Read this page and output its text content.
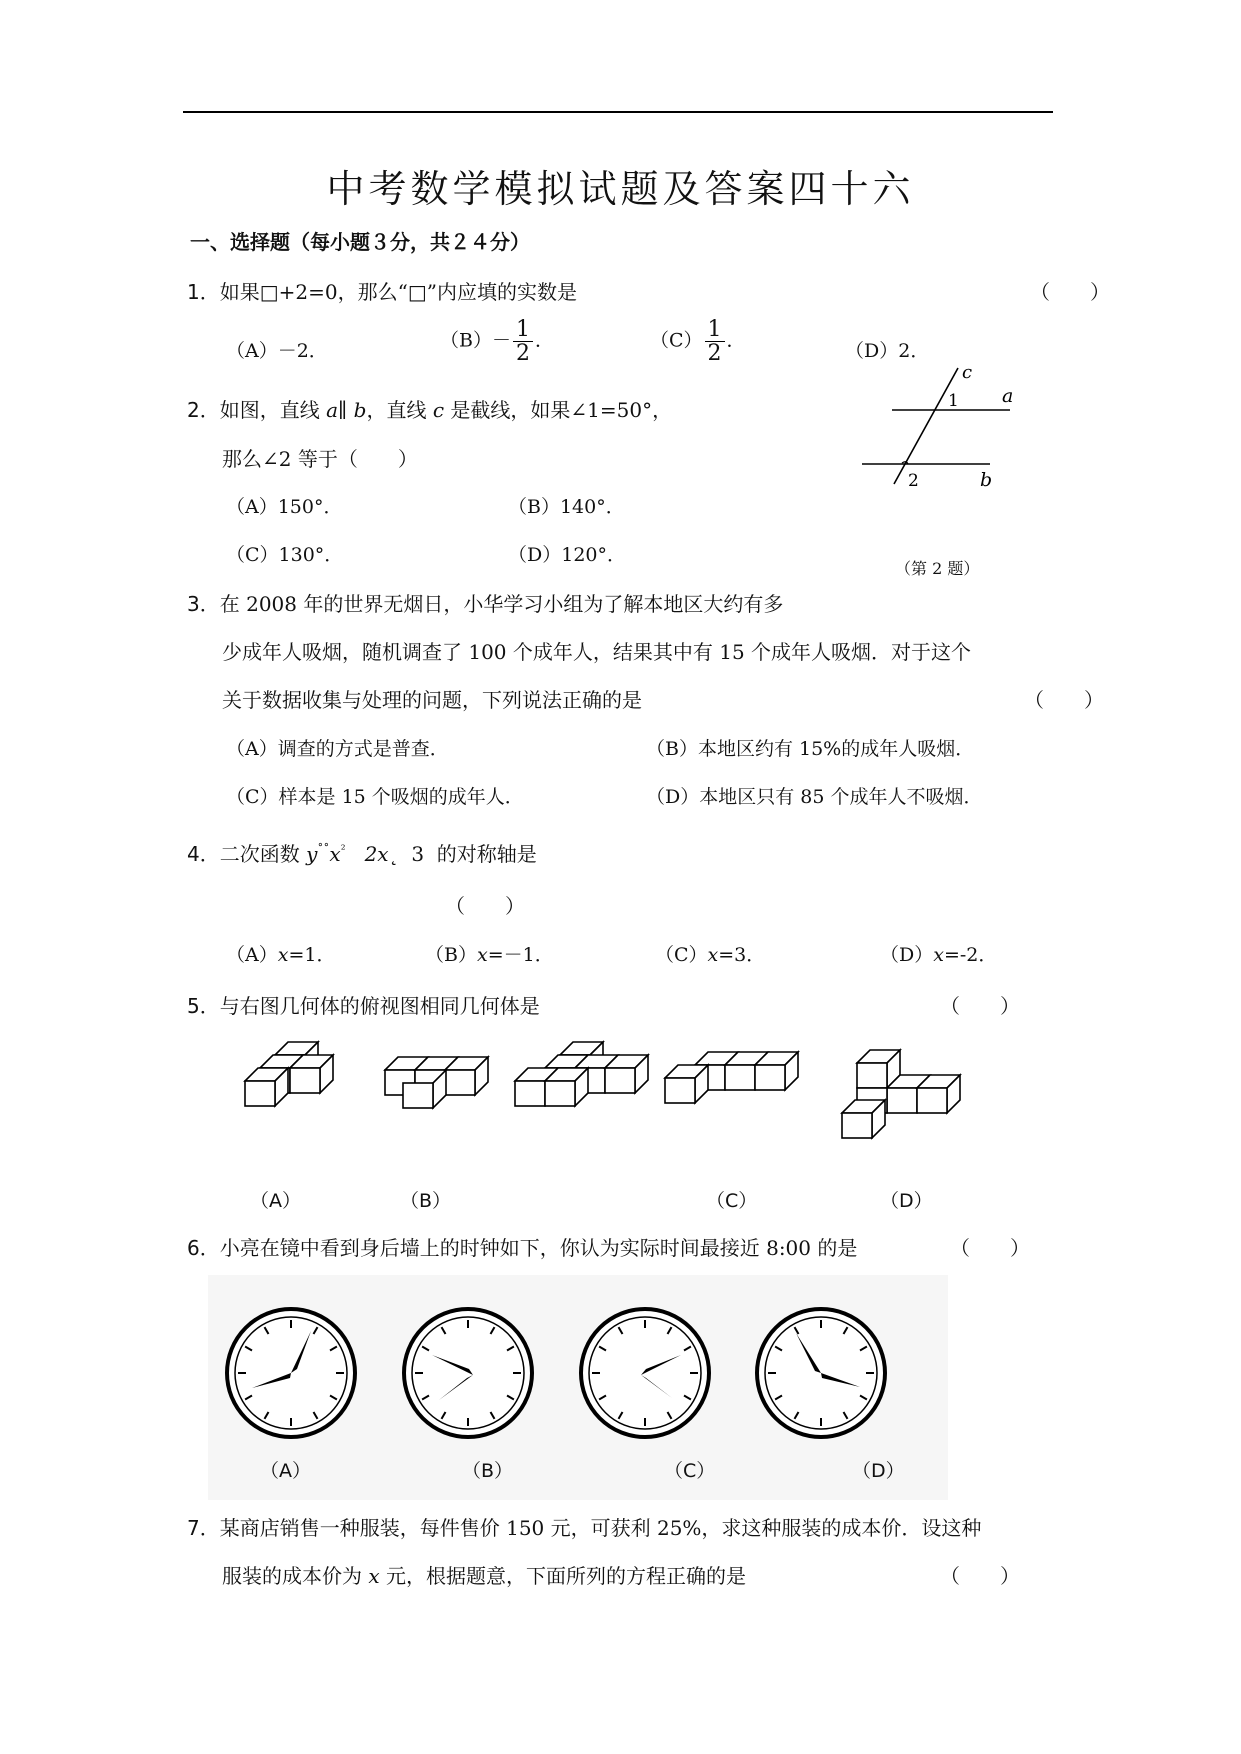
中考数学模拟试题及答案四十六
一、选择题（每小题３分，共２４分）
1．如果□+2=0，那么“□”内应填的实数是	（　　）
（A）－2．	$(B)- \frac{1}{2}$ ．	$(C) \frac{1}{2}$ ．	（D）2．
2．如图，直线 a∥ b，直线 c 是截线，如果∠1=50°，
那么∠2 等于（　　）
（A）150°．	（B）140°．
（C）130°．	（D）120°．
c
a
1
2	b
（第 2 题）
3．在 2008 年的世界无烟日，小华学习小组为了解本地区大约有多
少成年人吸烟，随机调查了 100 个成年人，结果其中有 15 个成年人吸烟．对于这个
关于数据收集与处理的问题，下列说法正确的是	（　　）
（A）调查的方式是普查．	（B）本地区约有 15%的成年人吸烟．
（C）样本是 15 个吸烟的成年人．	（D）本地区只有 85 个成年人不吸烟．
4．二次函数 $y^{˚˚}x^{^2}$ 2x˛ 3 的对称轴是
（　　）
（A）x=1．	（B）x=－1．	（C）x=3．	（D）x=-2．
5．与右图几何体的俯视图相同几何体是	（　　）
（A）	（B）	（C）	（D）
6．小亮在镜中看到身后墙上的时钟如下，你认为实际时间最接近 8:00 的是	（　　）
（A）	（B）	（C）	（D）
7．某商店销售一种服装，每件售价 150 元，可获利 25%，求这种服装的成本价．设这种
服装的成本价为 x 元，根据题意，下面所列的方程正确的是	（　　）
